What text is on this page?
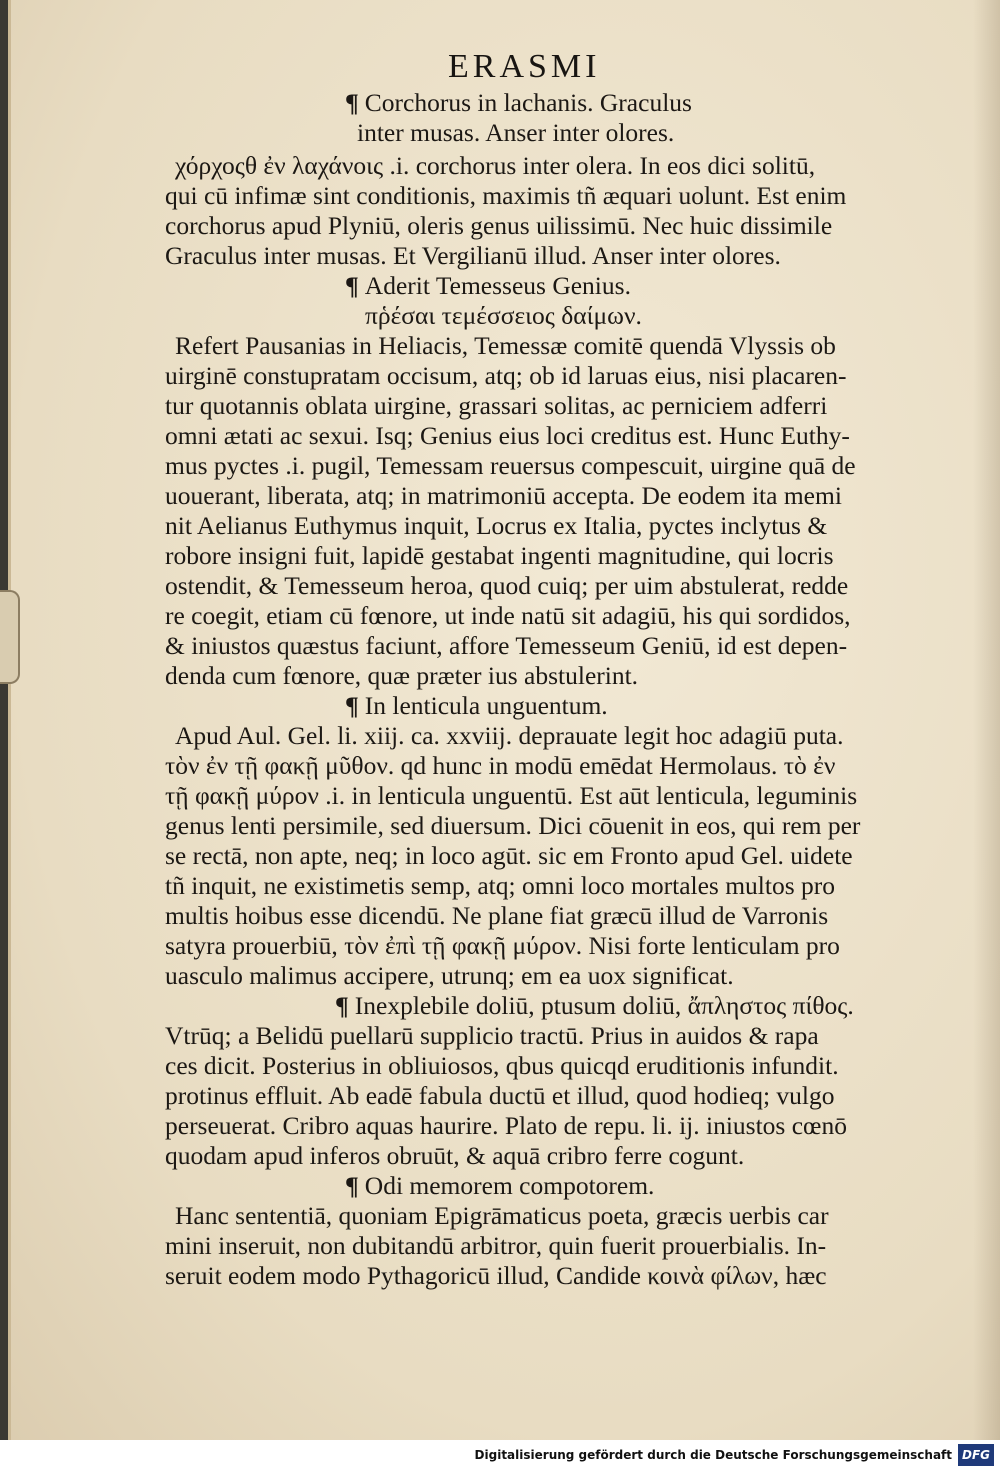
ERASMI
¶ Corchorus in lachanis. Graculus
inter musas. Anser inter olores.
χόρχοςθ ἐν λαχάνοις .i. corchorus inter olera. In eos dici solitū,
qui cū infimæ sint conditionis, maximis tñ æquari uolunt. Est enim
corchorus apud Plyniū, oleris genus uilissimū. Nec huic dissimile
Graculus inter musas. Et Vergilianū illud. Anser inter olores.
¶ Aderit Temesseus Genius.
πῥέσαι τεμέσσειος δαίμων.
Refert Pausanias in Heliacis, Temessæ comitē quendā Vlyssis ob
uirginē constupratam occisum, atq; ob id laruas eius, nisi placaren-
tur quotannis oblata uirgine, grassari solitas, ac perniciem adferri
omni ætati ac sexui. Isq; Genius eius loci creditus est. Hunc Euthy-
mus pyctes .i. pugil, Temessam reuersus compescuit, uirgine quā de
uouerant, liberata, atq; in matrimoniū accepta. De eodem ita memi
nit Aelianus Euthymus inquit, Locrus ex Italia, pyctes inclytus &
robore insigni fuit, lapidē gestabat ingenti magnitudine, qui locris
ostendit, & Temesseum heroa, quod cuiq; per uim abstulerat, redde
re coegit, etiam cū fœnore, ut inde natū sit adagiū, his qui sordidos,
& iniustos quæstus faciunt, affore Temesseum Geniū, id est depen-
denda cum fœnore, quæ præter ius abstulerint.
¶ In lenticula unguentum.
Apud Aul. Gel. li. xiij. ca. xxviij. deprauate legit hoc adagiū puta.
τὸν ἐν τῇ φακῇ μῦθον. qd hunc in modū emēdat Hermolaus. τὸ ἐν
τῇ φακῇ μύρον .i. in lenticula unguentū. Est aūt lenticula, leguminis
genus lenti persimile, sed diuersum. Dici cōuenit in eos, qui rem per
se rectā, non apte, neq; in loco agūt. sic em Fronto apud Gel. uidete
tñ inquit, ne existimetis semp, atq; omni loco mortales multos pro
multis hoibus esse dicendū. Ne plane fiat græcū illud de Varronis
satyra prouerbiū, τὸν ἐπὶ τῇ φακῇ μύρον. Nisi forte lenticulam pro
uasculo malimus accipere, utrunq; em ea uox significat.
¶ Inexplebile doliū, ptusum doliū, ἄπληστος πίθος.
Vtrūq; a Belidū puellarū supplicio tractū. Prius in auidos & rapa
ces dicit. Posterius in obliuiosos, qbus quicqd eruditionis infundit.
protinus effluit. Ab eadē fabula ductū et illud, quod hodieq; vulgo
perseuerat. Cribro aquas haurire. Plato de repu. li. ij. iniustos cœnō
quodam apud inferos obruūt, & aquā cribro ferre cogunt.
¶ Odi memorem compotorem.
Hanc sententiā, quoniam Epigrāmaticus poeta, græcis uerbis car
mini inseruit, non dubitandū arbitror, quin fuerit prouerbialis. In-
seruit eodem modo Pythagoricū illud, Candide κοινὰ φίλων, hæc
Digitalisierung gefördert durch die Deutsche Forschungsgemeinschaft DFG
